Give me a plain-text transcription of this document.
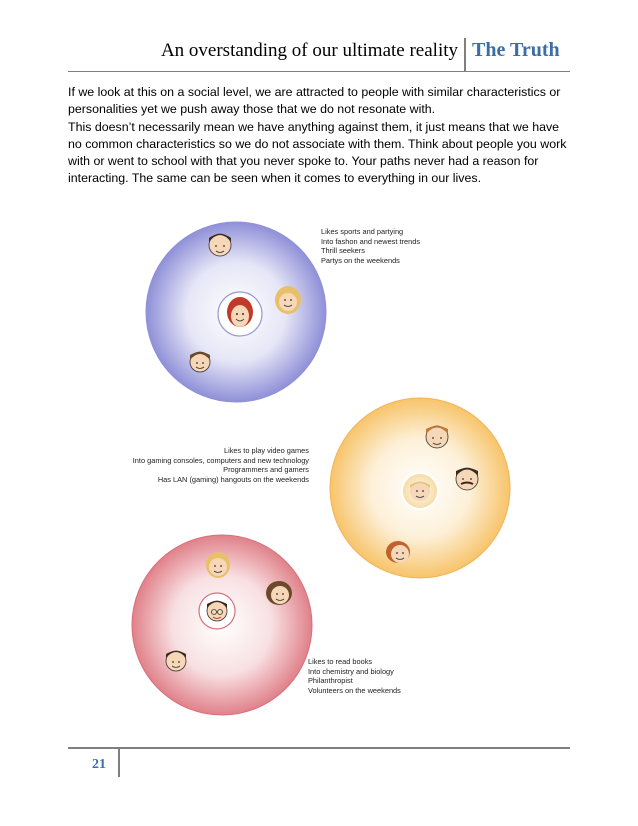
An overstanding of our ultimate reality The Truth

If we look at this on a social level, we are attracted to people with similar characteristics or personalities yet we push away those that we do not resonate with.

This doesn’t necessarily mean we have anything against them, it just means that we have no common characteristics so we do not associate with them. Think about people you work with or went to school with that you never spoke to. Your paths never had a reason for interacting. The same can be seen when it comes to everything in our lives.

Likes sports and partying
Into fashon and newest trends
Thrill seekers
Partys on the weekends
Likes to play video games
Into gaming consoles, computers and new technology
Programmers and gamers
Has LAN (gaming) hangouts on the weekends
Likes to read books
Into chemistry and biology
Philanthropist
Volunteers on the weekends
21
